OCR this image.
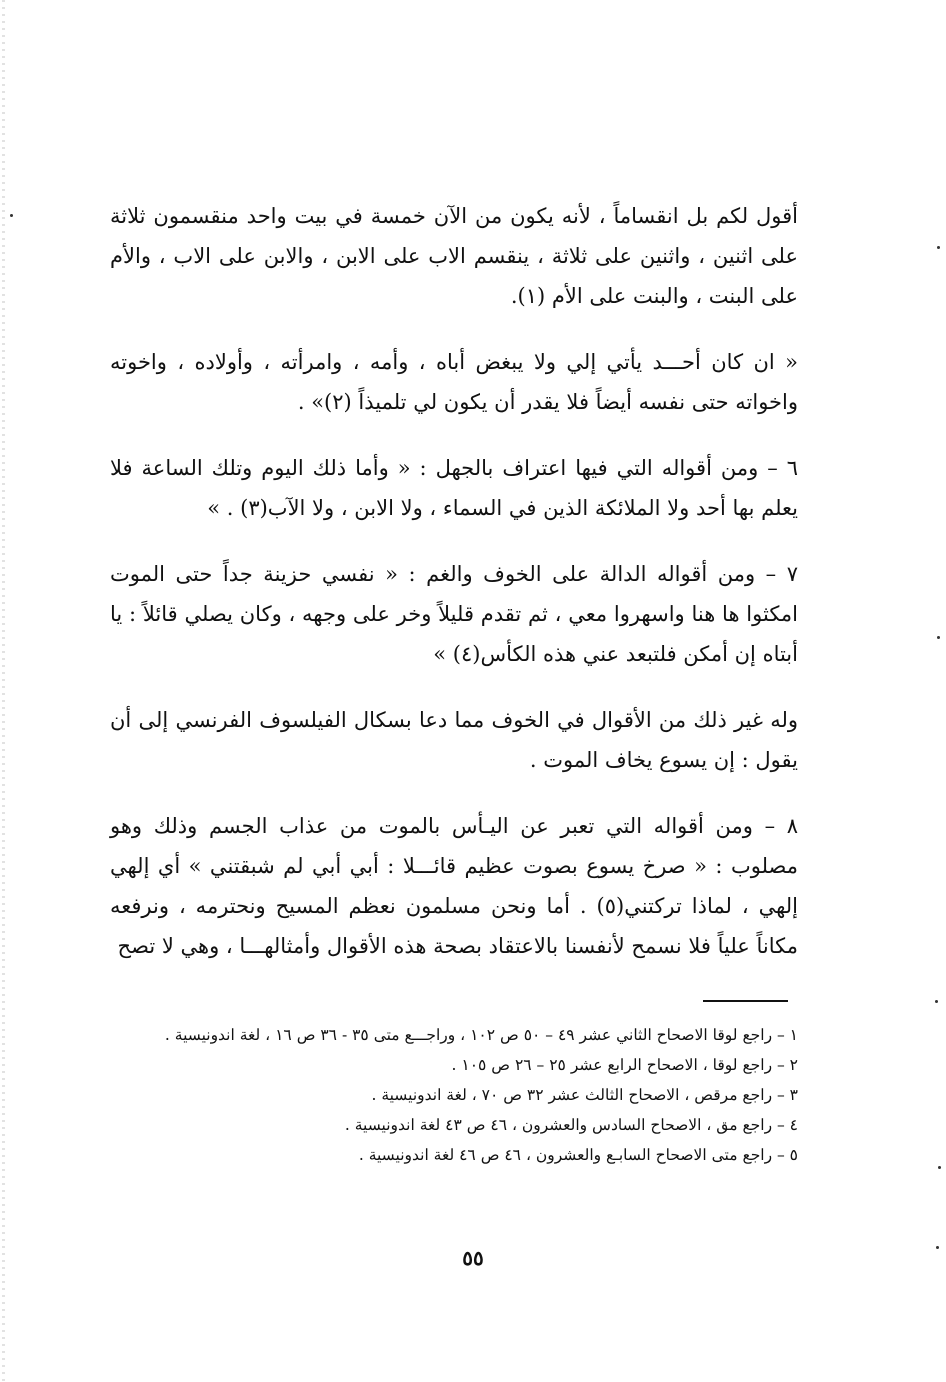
أقول لكم بل انقساماً ، لأنه يكون من الآن خمسة في بيت واحد منقسمون ثلاثة على اثنين ، واثنين على ثلاثة ، ينقسم الاب على الابن ، والابن على الاب ، والأم على البنت ، والبنت على الأم (١).

« ان كان أحـــد يأتي إلي ولا يبغض أباه ، وأمه ، وامرأته ، وأولاده ، واخوته واخواته حتى نفسه أيضاً فلا يقدر أن يكون لي تلميذاً (٢)» .

٦ – ومن أقواله التي فيها اعتراف بالجهل : « وأما ذلك اليوم وتلك الساعة فلا يعلم بها أحد ولا الملائكة الذين في السماء ، ولا الابن ، ولا الآب(٣) . »

٧ – ومن أقواله الدالة على الخوف والغم : « نفسي حزينة جداً حتى الموت امكثوا ها هنا واسهروا معي ، ثم تقدم قليلاً وخر على وجهه ، وكان يصلي قائلاً : يا أبتاه إن أمكن فلتبعد عني هذه الكأس(٤) »

وله غير ذلك من الأقوال في الخوف مما دعا بسكال الفيلسوف الفرنسي إلى أن يقول : إن يسوع يخاف الموت .

٨ – ومن أقواله التي تعبر عن اليـأس بالموت من عذاب الجسم وذلك وهو مصلوب : « صرخ يسوع بصوت عظيم قائـــلا : أبي أبي لم شبقتني » أي إلهي إلهي ، لماذا تركتني(٥) . أما ونحن مسلمون نعظم المسيح ونحترمه ، ونرفعه مكاناً علياً فلا نسمح لأنفسنا بالاعتقاد بصحة هذه الأقوال وأمثالهـــا ، وهي لا تصح

١ – راجع لوقا الاصحاح الثاني عشر ٤٩ – ٥٠ ص ١٠٢ ، وراجـــع متى ٣٥ - ٣٦ ص ١٦ ، لغة اندونيسية .

٢ – راجع لوقا ، الاصحاح الرابع عشر ٢٥ – ٢٦ ص ١٠٥ .

٣ – راجع مرقص ، الاصحاح الثالث عشر ٣٢ ص ٧٠ ، لغة اندونيسية .

٤ – راجع مق ، الاصحاح السادس والعشرون ، ٤٦ ص ٤٣ لغة اندونيسية .

٥ – راجع متى الاصحاح السابـع والعشرون ، ٤٦ ص ٤٦ لغة اندونيسية .

٥٥
